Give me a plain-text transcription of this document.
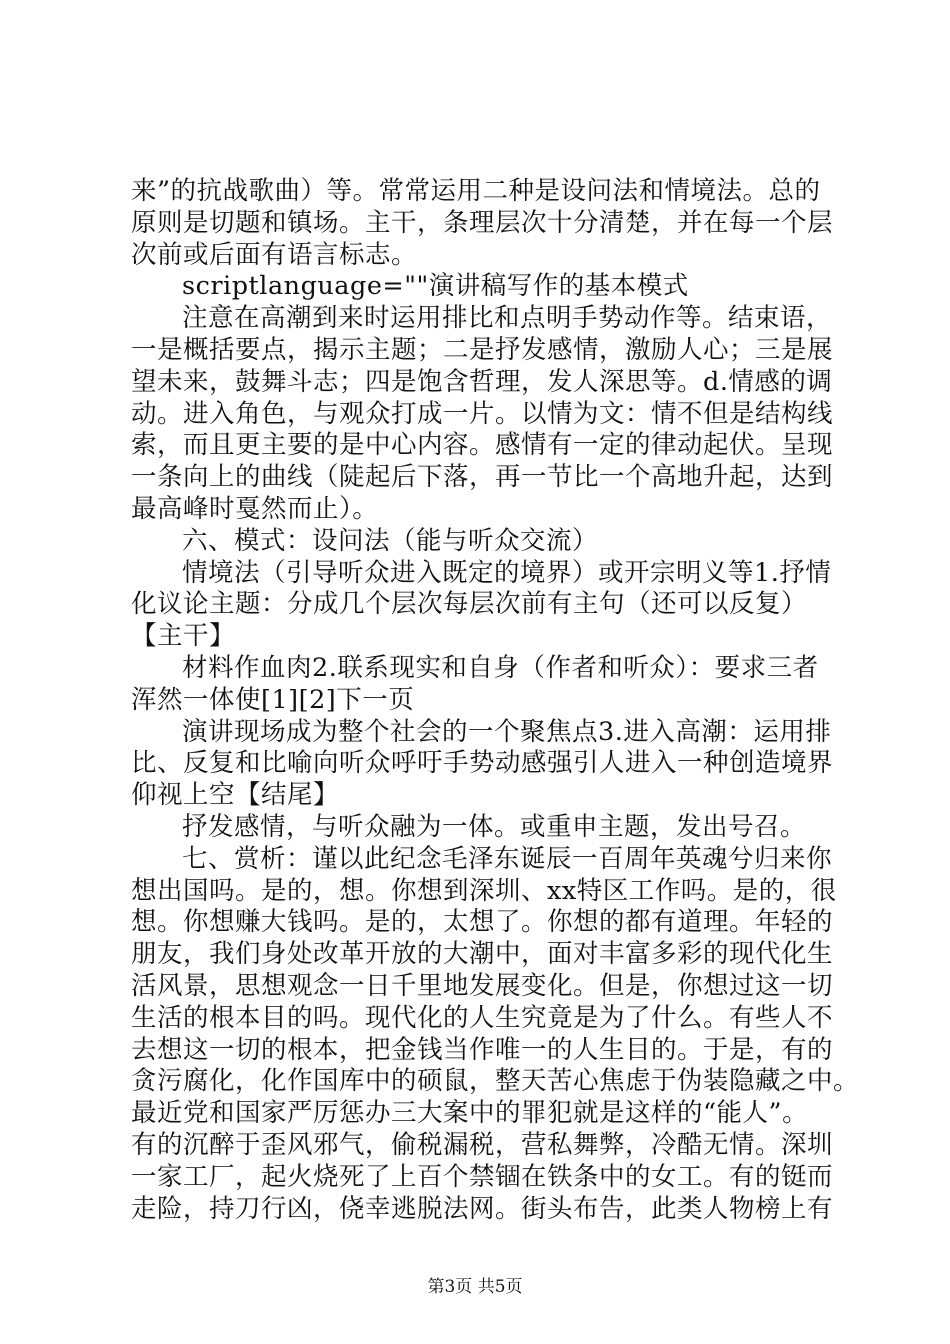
来”的抗战歌曲）等。常常运用二种是设问法和情境法。总的
原则是切题和镇场。主干，条理层次十分清楚，并在每一个层
次前或后面有语言标志。
scriptlanguage=""演讲稿写作的基本模式
注意在高潮到来时运用排比和点明手势动作等。结束语，
一是概括要点，揭示主题；二是抒发感情，激励人心；三是展
望未来，鼓舞斗志；四是饱含哲理，发人深思等。d.情感的调
动。进入角色，与观众打成一片。以情为文：情不但是结构线
索，而且更主要的是中心内容。感情有一定的律动起伏。呈现
一条向上的曲线（陡起后下落，再一节比一个高地升起，达到
最高峰时戛然而止）。
六、模式：设问法（能与听众交流）
情境法（引导听众进入既定的境界）或开宗明义等1.抒情
化议论主题：分成几个层次每层次前有主句（还可以反复）
【主干】
材料作血肉2.联系现实和自身（作者和听众）：要求三者
浑然一体使[1][2]下一页
演讲现场成为整个社会的一个聚焦点3.进入高潮：运用排
比、反复和比喻向听众呼吁手势动感强引人进入一种创造境界
仰视上空【结尾】
抒发感情，与听众融为一体。或重申主题，发出号召。
七、赏析：谨以此纪念毛泽东诞辰一百周年英魂兮归来你
想出国吗。是的，想。你想到深圳、xx特区工作吗。是的，很
想。你想赚大钱吗。是的，太想了。你想的都有道理。年轻的
朋友，我们身处改革开放的大潮中，面对丰富多彩的现代化生
活风景，思想观念一日千里地发展变化。但是，你想过这一切
生活的根本目的吗。现代化的人生究竟是为了什么。有些人不
去想这一切的根本，把金钱当作唯一的人生目的。于是，有的
贪污腐化，化作国库中的硕鼠，整天苦心焦虑于伪装隐藏之中。
最近党和国家严厉惩办三大案中的罪犯就是这样的“能人”。
有的沉醉于歪风邪气，偷税漏税，营私舞弊，冷酷无情。深圳
一家工厂，起火烧死了上百个禁锢在铁条中的女工。有的铤而
走险，持刀行凶，侥幸逃脱法网。街头布告，此类人物榜上有
第3页 共5页
